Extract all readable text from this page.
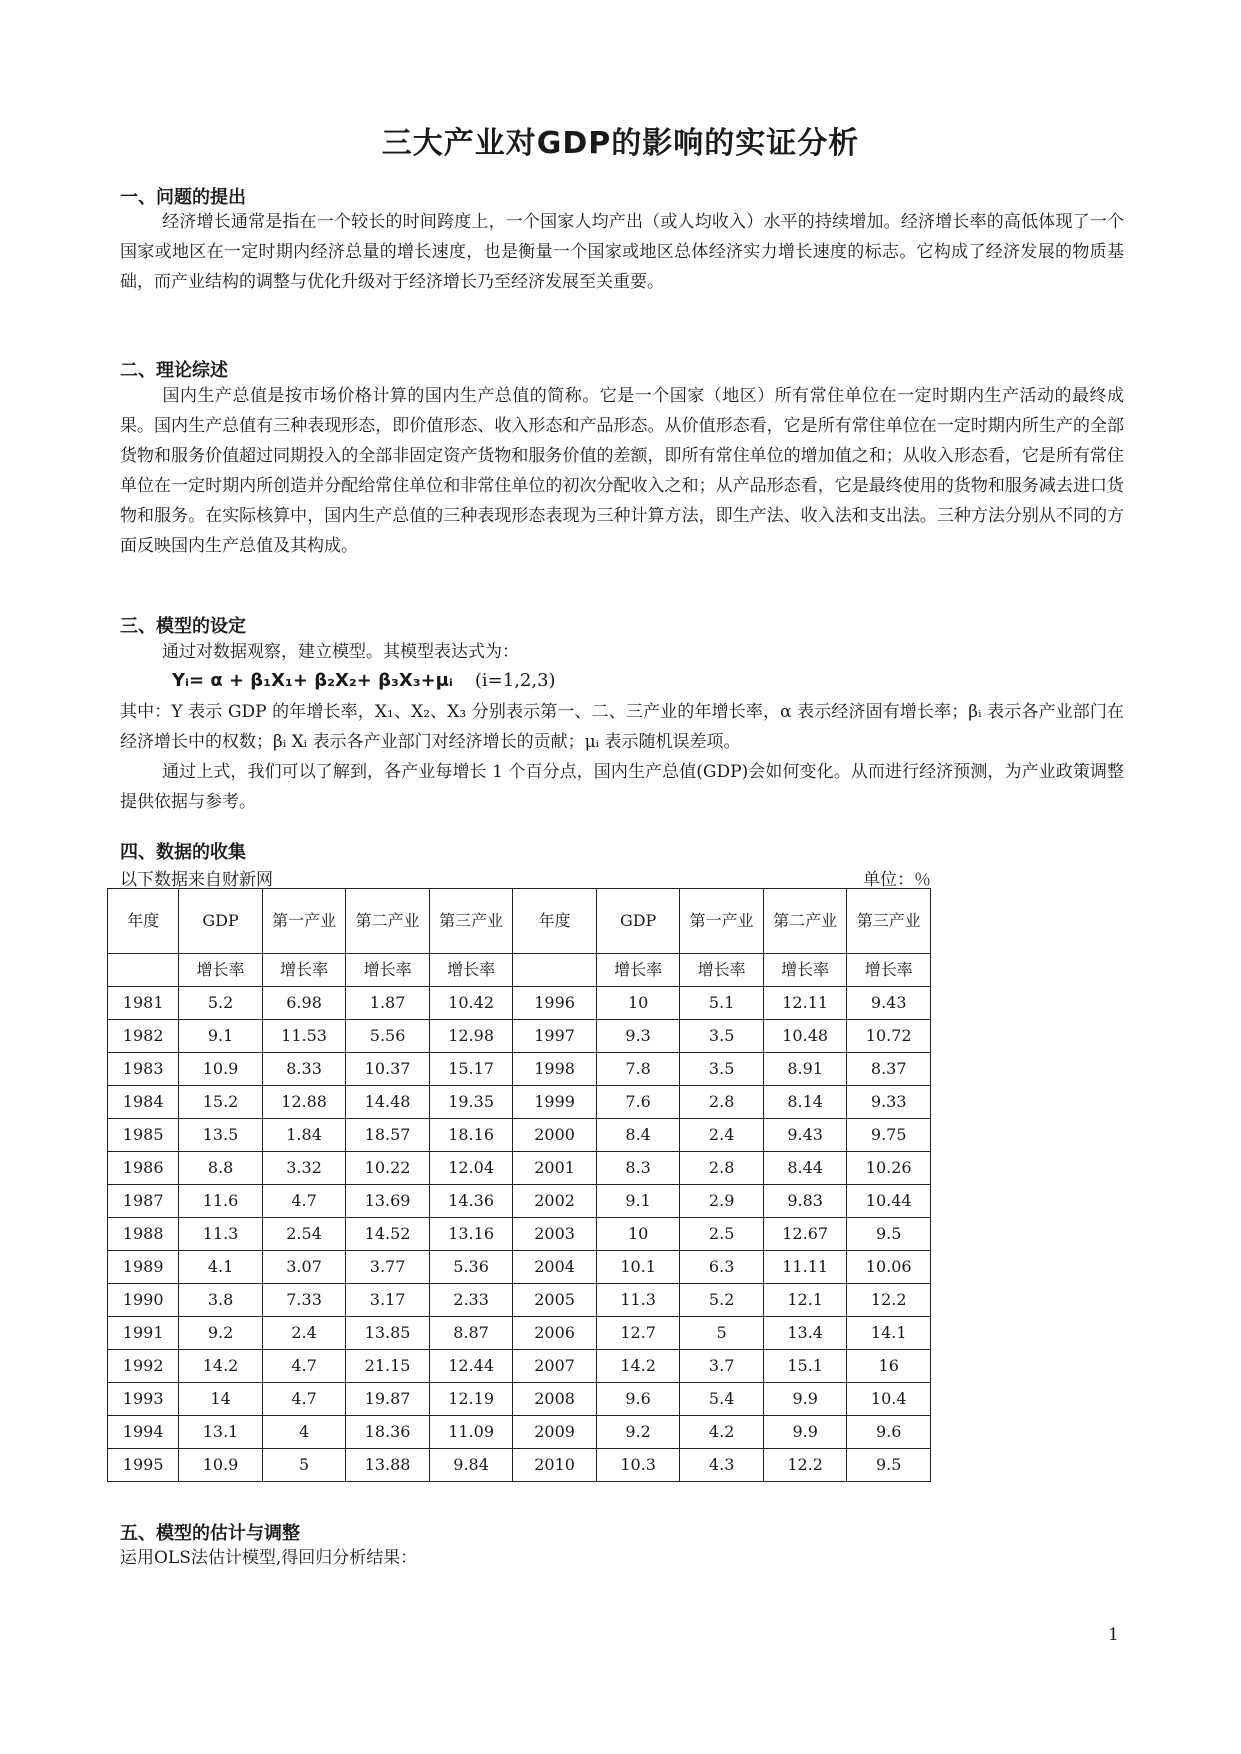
三大产业对GDP的影响的实证分析
一、问题的提出
经济增长通常是指在一个较长的时间跨度上，一个国家人均产出（或人均收入）水平的持续增加。经济增长率的高低体现了一个国家或地区在一定时期内经济总量的增长速度，也是衡量一个国家或地区总体经济实力增长速度的标志。它构成了经济发展的物质基础，而产业结构的调整与优化升级对于经济增长乃至经济发展至关重要。
二、理论综述
国内生产总值是按市场价格计算的国内生产总值的简称。它是一个国家（地区）所有常住单位在一定时期内生产活动的最终成果。国内生产总值有三种表现形态，即价值形态、收入形态和产品形态。从价值形态看，它是所有常住单位在一定时期内所生产的全部货物和服务价值超过同期投入的全部非固定资产货物和服务价值的差额，即所有常住单位的增加值之和；从收入形态看，它是所有常住单位在一定时期内所创造并分配给常住单位和非常住单位的初次分配收入之和；从产品形态看，它是最终使用的货物和服务减去进口货物和服务。在实际核算中，国内生产总值的三种表现形态表现为三种计算方法，即生产法、收入法和支出法。三种方法分别从不同的方面反映国内生产总值及其构成。
三、模型的设定
通过对数据观察，建立模型。其模型表达式为：
Yᵢ= α + β₁X₁+ β₂X₂+ β₃X₃+μᵢ (i=1,2,3)
其中：Y 表示 GDP 的年增长率，X₁、X₂、X₃ 分别表示第一、二、三产业的年增长率，α 表示经济固有增长率；βᵢ 表示各产业部门在经济增长中的权数；βᵢ Xᵢ 表示各产业部门对经济增长的贡献；μᵢ 表示随机误差项。
通过上式，我们可以了解到，各产业每增长 1 个百分点，国内生产总值(GDP)会如何变化。从而进行经济预测，为产业政策调整提供依据与参考。
四、数据的收集
以下数据来自财新网	单位：％
年度	GDP	第一产业	第二产业	第三产业	年度	GDP	第一产业	第二产业	第三产业
	增长率	增长率	增长率	增长率		增长率	增长率	增长率	增长率
1981	5.2	6.98	1.87	10.42	1996	10	5.1	12.11	9.43
1982	9.1	11.53	5.56	12.98	1997	9.3	3.5	10.48	10.72
1983	10.9	8.33	10.37	15.17	1998	7.8	3.5	8.91	8.37
1984	15.2	12.88	14.48	19.35	1999	7.6	2.8	8.14	9.33
1985	13.5	1.84	18.57	18.16	2000	8.4	2.4	9.43	9.75
1986	8.8	3.32	10.22	12.04	2001	8.3	2.8	8.44	10.26
1987	11.6	4.7	13.69	14.36	2002	9.1	2.9	9.83	10.44
1988	11.3	2.54	14.52	13.16	2003	10	2.5	12.67	9.5
1989	4.1	3.07	3.77	5.36	2004	10.1	6.3	11.11	10.06
1990	3.8	7.33	3.17	2.33	2005	11.3	5.2	12.1	12.2
1991	9.2	2.4	13.85	8.87	2006	12.7	5	13.4	14.1
1992	14.2	4.7	21.15	12.44	2007	14.2	3.7	15.1	16
1993	14	4.7	19.87	12.19	2008	9.6	5.4	9.9	10.4
1994	13.1	4	18.36	11.09	2009	9.2	4.2	9.9	9.6
1995	10.9	5	13.88	9.84	2010	10.3	4.3	12.2	9.5
五、模型的估计与调整
运用OLS法估计模型,得回归分析结果：
1
